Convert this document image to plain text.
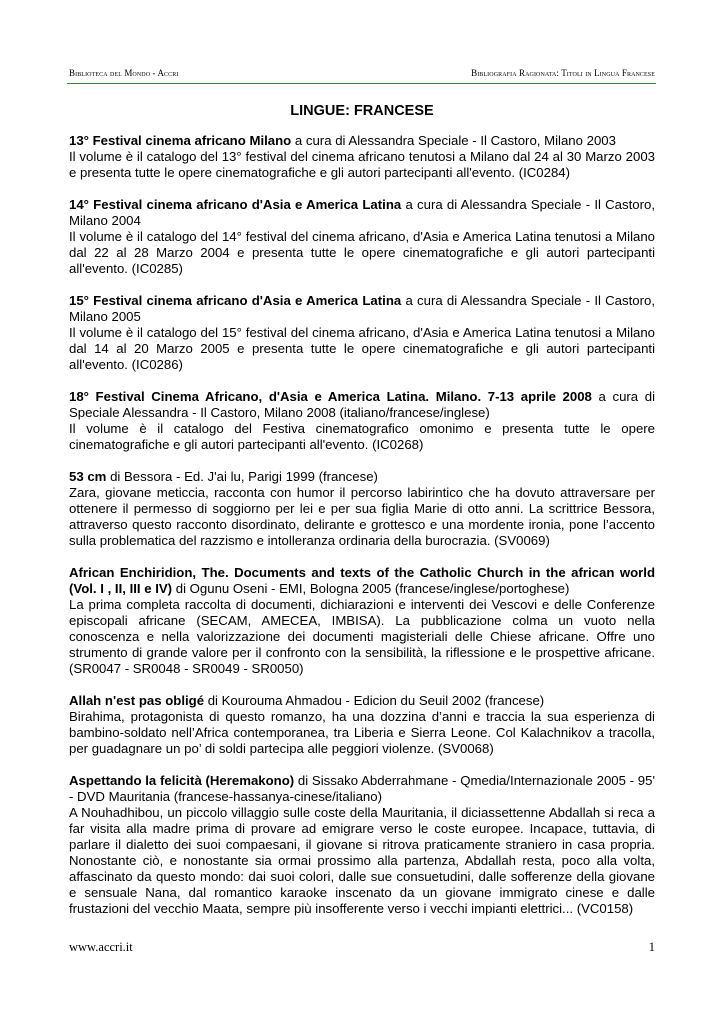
Biblioteca del Mondo - Accri	Bibliografia Ragionata: Titoli in Lingua Francese
LINGUE: FRANCESE

13° Festival cinema africano Milano a cura di Alessandra Speciale - Il Castoro, Milano 2003
Il volume è il catalogo del 13° festival del cinema africano tenutosi a Milano dal 24 al 30 Marzo 2003 e presenta tutte le opere cinematografiche e gli autori partecipanti all'evento. (IC0284)

14° Festival cinema africano d'Asia e America Latina a cura di Alessandra Speciale - Il Castoro, Milano 2004
Il volume è il catalogo del 14° festival del cinema africano, d'Asia e America Latina tenutosi a Milano dal 22 al 28 Marzo 2004 e presenta tutte le opere cinematografiche e gli autori partecipanti all'evento. (IC0285)

15° Festival cinema africano d'Asia e America Latina a cura di Alessandra Speciale - Il Castoro, Milano 2005
Il volume è il catalogo del 15° festival del cinema africano, d'Asia e America Latina tenutosi a Milano dal 14 al 20 Marzo 2005 e presenta tutte le opere cinematografiche e gli autori partecipanti all'evento. (IC0286)

18° Festival Cinema Africano, d'Asia e America Latina. Milano. 7-13 aprile 2008 a cura di Speciale Alessandra - Il Castoro, Milano 2008 (italiano/francese/inglese)
Il volume è il catalogo del Festiva cinematografico omonimo e presenta tutte le opere cinematografiche e gli autori partecipanti all'evento. (IC0268)

53 cm di Bessora - Ed. J'ai lu, Parigi 1999 (francese)
Zara, giovane meticcia, racconta con humor il percorso labirintico che ha dovuto attraversare per ottenere il permesso di soggiorno per lei e per sua figlia Marie di otto anni. La scrittrice Bessora, attraverso questo racconto disordinato, delirante e grottesco e una mordente ironia, pone l’accento sulla problematica del razzismo e intolleranza ordinaria della burocrazia. (SV0069)

African Enchiridion, The. Documents and texts of the Catholic Church in the african world (Vol. I , II, III e IV) di Ogunu Oseni - EMI, Bologna 2005 (francese/inglese/portoghese)
La prima completa raccolta di documenti, dichiarazioni e interventi dei Vescovi e delle Conferenze episcopali africane (SECAM, AMECEA, IMBISA). La pubblicazione colma un vuoto nella conoscenza e nella valorizzazione dei documenti magisteriali delle Chiese africane. Offre uno strumento di grande valore per il confronto con la sensibilità, la riflessione e le prospettive africane. (SR0047 - SR0048 - SR0049 - SR0050)

Allah n'est pas obligé di Kourouma Ahmadou - Edicion du Seuil 2002 (francese)
Birahima, protagonista di questo romanzo, ha una dozzina d’anni e traccia la sua esperienza di bambino-soldato nell’Africa contemporanea, tra Liberia e Sierra Leone. Col Kalachnikov a tracolla, per guadagnare un po’ di soldi partecipa alle peggiori violenze. (SV0068)

Aspettando la felicità (Heremakono) di Sissako Abderrahmane - Qmedia/Internazionale 2005 - 95' - DVD Mauritania (francese-hassanya-cinese/italiano)
A Nouhadhibou, un piccolo villaggio sulle coste della Mauritania, il diciassettenne Abdallah si reca a far visita alla madre prima di provare ad emigrare verso le coste europee. Incapace, tuttavia, di parlare il dialetto dei suoi compaesani, il giovane si ritrova praticamente straniero in casa propria. Nonostante ciò, e nonostante sia ormai prossimo alla partenza, Abdallah resta, poco alla volta, affascinato da questo mondo: dai suoi colori, dalle sue consuetudini, dalle sofferenze della giovane e sensuale Nana, dal romantico karaoke inscenato da un giovane immigrato cinese e dalle frustazioni del vecchio Maata, sempre più insofferente verso i vecchi impianti elettrici... (VC0158)

www.accri.it	1
